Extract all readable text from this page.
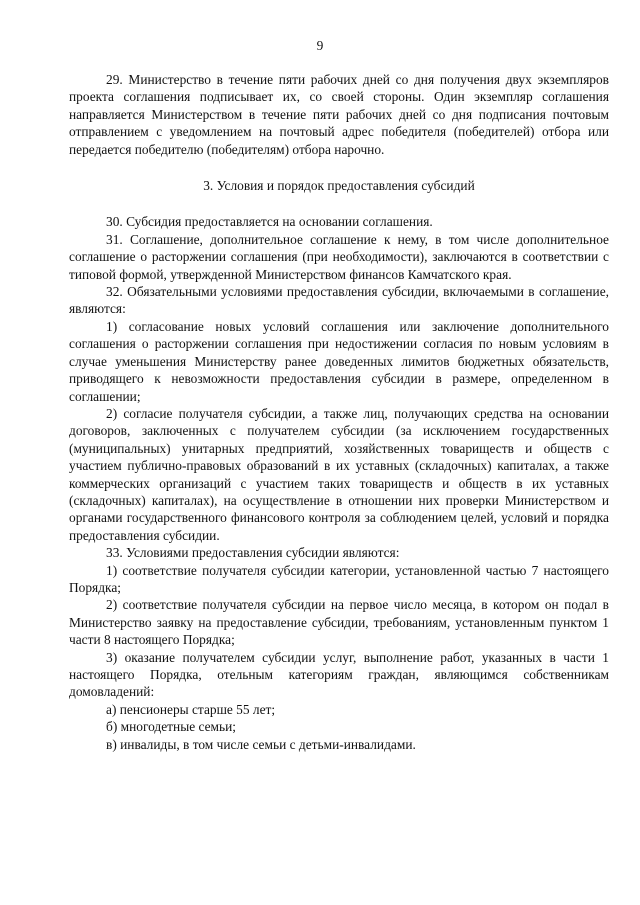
9

29. Министерство в течение пяти рабочих дней со дня получения двух экземпляров проекта соглашения подписывает их, со своей стороны. Один экземпляр соглашения направляется Министерством в течение пяти рабочих дней со дня подписания почтовым отправлением с уведомлением на почтовый адрес победителя (победителей) отбора или передается победителю (победителям) отбора нарочно.

3. Условия и порядок предоставления субсидий

30. Субсидия предоставляется на основании соглашения.

31. Соглашение, дополнительное соглашение к нему, в том числе дополнительное соглашение о расторжении соглашения (при необходимости), заключаются в соответствии с типовой формой, утвержденной Министерством финансов Камчатского края.

32. Обязательными условиями предоставления субсидии, включаемыми в соглашение, являются:

1) согласование новых условий соглашения или заключение дополнительного соглашения о расторжении соглашения при недостижении согласия по новым условиям в случае уменьшения Министерству ранее доведенных лимитов бюджетных обязательств, приводящего к невозможности предоставления субсидии в размере, определенном в соглашении;

2) согласие получателя субсидии, а также лиц, получающих средства на основании договоров, заключенных с получателем субсидии (за исключением государственных (муниципальных) унитарных предприятий, хозяйственных товариществ и обществ с участием публично-правовых образований в их уставных (складочных) капиталах, а также коммерческих организаций с участием таких товариществ и обществ в их уставных (складочных) капиталах), на осуществление в отношении них проверки Министерством и органами государственного финансового контроля за соблюдением целей, условий и порядка предоставления субсидии.

33. Условиями предоставления субсидии являются:

1) соответствие получателя субсидии категории, установленной частью 7 настоящего Порядка;

2) соответствие получателя субсидии на первое число месяца, в котором он подал в Министерство заявку на предоставление субсидии, требованиям, установленным пунктом 1 части 8 настоящего Порядка;

3) оказание получателем субсидии услуг, выполнение работ, указанных в части 1 настоящего Порядка, отельным категориям граждан, являющимся собственникам домовладений:

а) пенсионеры старше 55 лет;

б) многодетные семьи;

в) инвалиды, в том числе семьи с детьми-инвалидами.
